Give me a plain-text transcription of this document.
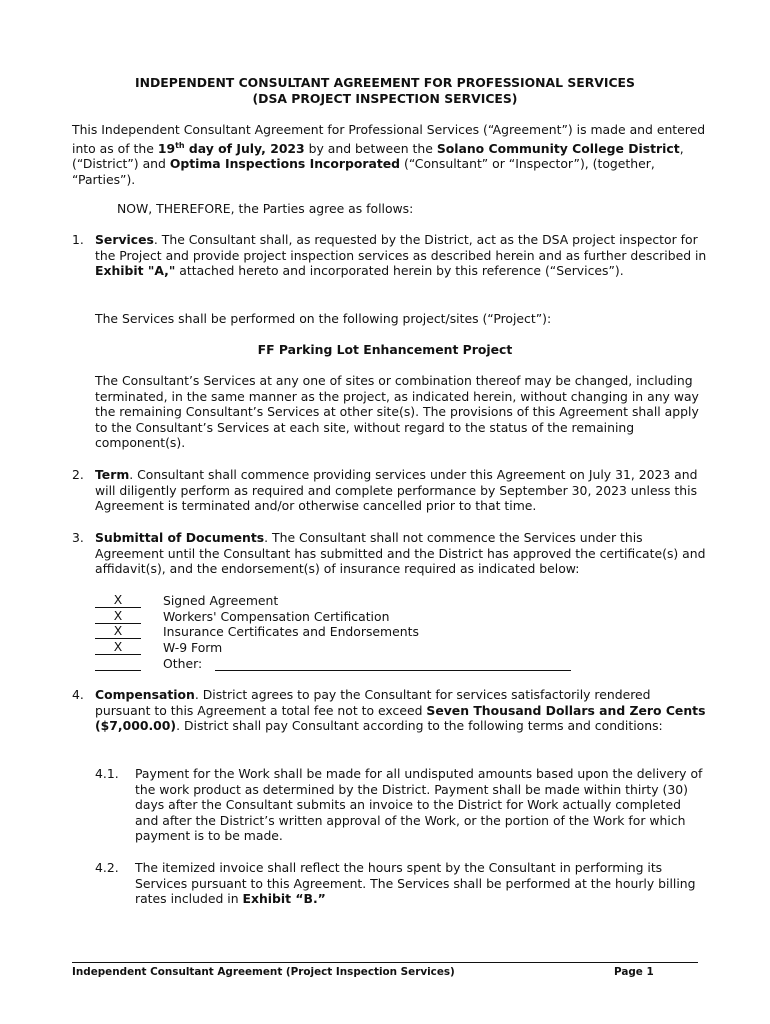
INDEPENDENT CONSULTANT AGREEMENT FOR PROFESSIONAL SERVICES
(DSA PROJECT INSPECTION SERVICES)
This Independent Consultant Agreement for Professional Services (“Agreement”) is made and entered into as of the 19th day of July, 2023 by and between the Solano Community College District, (“District”) and Optima Inspections Incorporated (“Consultant” or “Inspector”), (together, “Parties”).
NOW, THEREFORE, the Parties agree as follows:
1. Services. The Consultant shall, as requested by the District, act as the DSA project inspector for the Project and provide project inspection services as described herein and as further described in Exhibit "A," attached hereto and incorporated herein by this reference (“Services”).
The Services shall be performed on the following project/sites (“Project”):
FF Parking Lot Enhancement Project
The Consultant’s Services at any one of sites or combination thereof may be changed, including terminated, in the same manner as the project, as indicated herein, without changing in any way the remaining Consultant’s Services at other site(s). The provisions of this Agreement shall apply to the Consultant’s Services at each site, without regard to the status of the remaining component(s).
2. Term. Consultant shall commence providing services under this Agreement on July 31, 2023 and will diligently perform as required and complete performance by September 30, 2023 unless this Agreement is terminated and/or otherwise cancelled prior to that time.
3. Submittal of Documents. The Consultant shall not commence the Services under this Agreement until the Consultant has submitted and the District has approved the certificate(s) and affidavit(s), and the endorsement(s) of insurance required as indicated below:
X	Signed Agreement
X	Workers' Compensation Certification
X	Insurance Certificates and Endorsements
X	W-9 Form
Other:
4. Compensation. District agrees to pay the Consultant for services satisfactorily rendered pursuant to this Agreement a total fee not to exceed Seven Thousand Dollars and Zero Cents ($7,000.00). District shall pay Consultant according to the following terms and conditions:
4.1. Payment for the Work shall be made for all undisputed amounts based upon the delivery of the work product as determined by the District. Payment shall be made within thirty (30) days after the Consultant submits an invoice to the District for Work actually completed and after the District’s written approval of the Work, or the portion of the Work for which payment is to be made.
4.2. The itemized invoice shall reflect the hours spent by the Consultant in performing its Services pursuant to this Agreement. The Services shall be performed at the hourly billing rates included in Exhibit “B.”
Independent Consultant Agreement (Project Inspection Services)	Page 1
